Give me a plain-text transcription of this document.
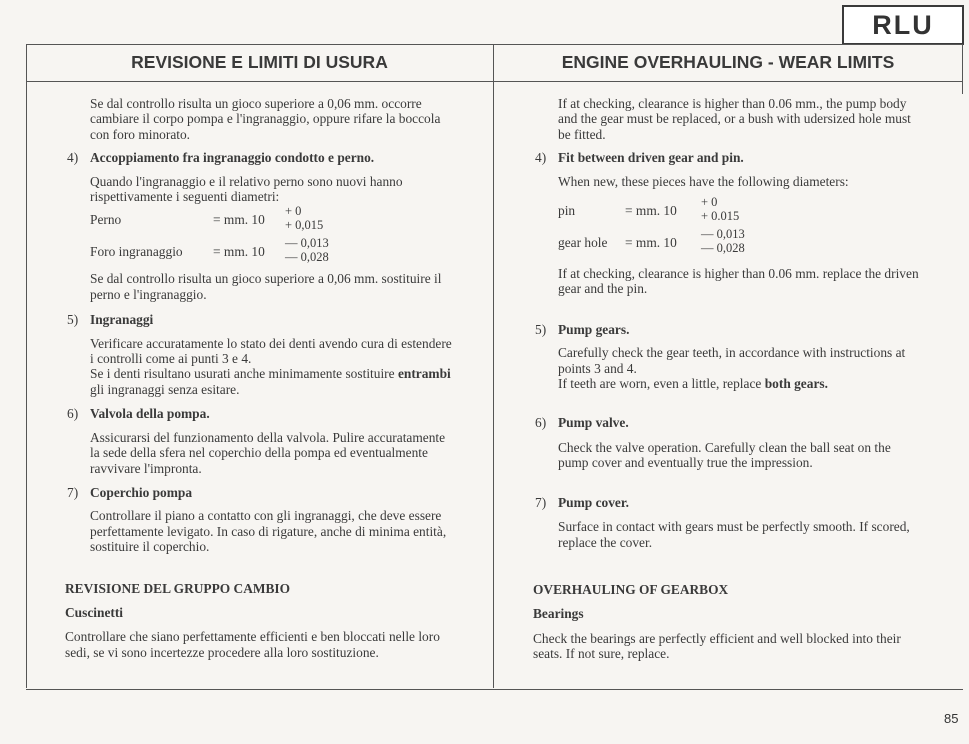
RLU
REVISIONE E LIMITI DI USURA	ENGINE OVERHAULING - WEAR LIMITS

Se dal controllo risulta un gioco superiore a 0,06 mm. occorre cambiare il corpo pompa e l'ingranaggio, oppure rifare la boccola con foro minorato.

4) Accoppiamento fra ingranaggio condotto e perno.

Quando l'ingranaggio e il relativo perno sono nuovi hanno rispettivamente i seguenti diametri:

Perno	= mm. 10
+ 0
+ 0,015
Foro ingranaggio = mm. 10
— 0,013
— 0,028

Se dal controllo risulta un gioco superiore a 0,06 mm. sostituire il perno e l'ingranaggio.

5) Ingranaggi

Verificare accuratamente lo stato dei denti avendo cura di estendere i controlli come ai punti 3 e 4.

Se i denti risultano usurati anche minimamente sostituire entrambi gli ingranaggi senza esitare.

6) Valvola della pompa.

Assicurarsi del funzionamento della valvola. Pulire accuratamente la sede della sfera nel coperchio della pompa ed eventualmente ravvivare l'impronta.

7) Coperchio pompa

Controllare il piano a contatto con gli ingranaggi, che deve essere perfettamente levigato. In caso di rigature, anche di minima entità, sostituire il coperchio.

REVISIONE DEL GRUPPO CAMBIO

Cuscinetti

Controllare che siano perfettamente efficienti e ben bloccati nelle loro sedi, se vi sono incertezze procedere alla loro sostituzione.

If at checking, clearance is higher than 0.06 mm., the pump body and the gear must be replaced, or a bush with udersized hole must be fitted.

4) Fit between driven gear and pin.

When new, these pieces have the following diameters:

pin	= mm. 10
+ 0
+ 0.015
gear hole = mm. 10
— 0,013
— 0,028

If at checking, clearance is higher than 0.06 mm. replace the driven gear and the pin.

5) Pump gears.

Carefully check the gear teeth, in accordance with instructions at points 3 and 4.

If teeth are worn, even a little, replace both gears.

6) Pump valve.

Check the valve operation. Carefully clean the ball seat on the pump cover and eventually true the impression.

7) Pump cover.

Surface in contact with gears must be perfectly smooth. If scored, replace the cover.

OVERHAULING OF GEARBOX

Bearings

Check the bearings are perfectly efficient and well blocked into their seats. If not sure, replace.

85
